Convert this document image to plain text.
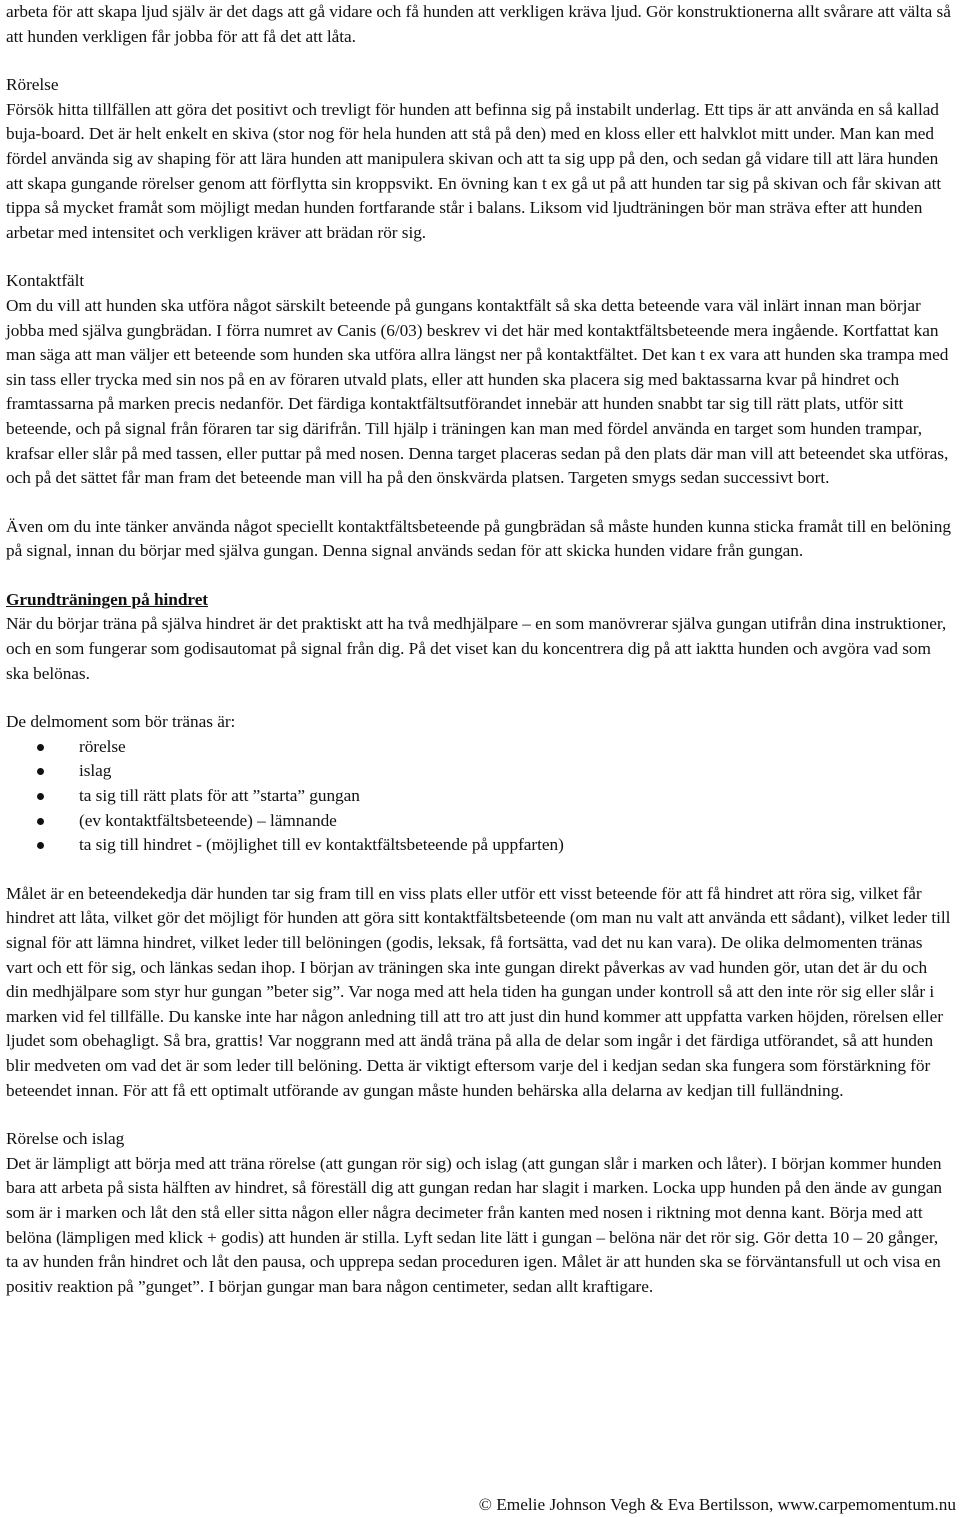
arbeta för att skapa ljud själv är det dags att gå vidare och få hunden att verkligen kräva ljud. Gör konstruktionerna allt svårare att välta så att hunden verkligen får jobba för att få det att låta.

Rörelse

Försök hitta tillfällen att göra det positivt och trevligt för hunden att befinna sig på instabilt underlag. Ett tips är att använda en så kallad buja-board. Det är helt enkelt en skiva (stor nog för hela hunden att stå på den) med en kloss eller ett halvklot mitt under. Man kan med fördel använda sig av shaping för att lära hunden att manipulera skivan och att ta sig upp på den, och sedan gå vidare till att lära hunden att skapa gungande rörelser genom att förflytta sin kroppsvikt. En övning kan t ex gå ut på att hunden tar sig på skivan och får skivan att tippa så mycket framåt som möjligt medan hunden fortfarande står i balans. Liksom vid ljudträningen bör man sträva efter att hunden arbetar med intensitet och verkligen kräver att brädan rör sig.

Kontaktfält

Om du vill att hunden ska utföra något särskilt beteende på gungans kontaktfält så ska detta beteende vara väl inlärt innan man börjar jobba med själva gungbrädan. I förra numret av Canis (6/03) beskrev vi det här med kontaktfältsbeteende mera ingående. Kortfattat kan man säga att man väljer ett beteende som hunden ska utföra allra längst ner på kontaktfältet. Det kan t ex vara att hunden ska trampa med sin tass eller trycka med sin nos på en av föraren utvald plats, eller att hunden ska placera sig med baktassarna kvar på hindret och framtassarna på marken precis nedanför. Det färdiga kontaktfältsutförandet innebär att hunden snabbt tar sig till rätt plats, utför sitt beteende, och på signal från föraren tar sig därifrån. Till hjälp i träningen kan man med fördel använda en target som hunden trampar, krafsar eller slår på med tassen, eller puttar på med nosen. Denna target placeras sedan på den plats där man vill att beteendet ska utföras, och på det sättet får man fram det beteende man vill ha på den önskvärda platsen. Targeten smygs sedan successivt bort.

Även om du inte tänker använda något speciellt kontaktfältsbeteende på gungbrädan så måste hunden kunna sticka framåt till en belöning på signal, innan du börjar med själva gungan. Denna signal används sedan för att skicka hunden vidare från gungan.

Grundträningen på hindret

När du börjar träna på själva hindret är det praktiskt att ha två medhjälpare – en som manövrerar själva gungan utifrån dina instruktioner, och en som fungerar som godisautomat på signal från dig. På det viset kan du koncentrera dig på att iaktta hunden och avgöra vad som ska belönas.

De delmoment som bör tränas är:

rörelse
islag
ta sig till rätt plats för att ”starta” gungan
(ev kontaktfältsbeteende) – lämnande
ta sig till hindret - (möjlighet till ev kontaktfältsbeteende på uppfarten)

Målet är en beteendekedja där hunden tar sig fram till en viss plats eller utför ett visst beteende för att få hindret att röra sig, vilket får hindret att låta, vilket gör det möjligt för hunden att göra sitt kontaktfältsbeteende (om man nu valt att använda ett sådant), vilket leder till signal för att lämna hindret, vilket leder till belöningen (godis, leksak, få fortsätta, vad det nu kan vara). De olika delmomenten tränas vart och ett för sig, och länkas sedan ihop. I början av träningen ska inte gungan direkt påverkas av vad hunden gör, utan det är du och din medhjälpare som styr hur gungan ”beter sig”. Var noga med att hela tiden ha gungan under kontroll så att den inte rör sig eller slår i marken vid fel tillfälle. Du kanske inte har någon anledning till att tro att just din hund kommer att uppfatta varken höjden, rörelsen eller ljudet som obehagligt. Så bra, grattis! Var noggrann med att ändå träna på alla de delar som ingår i det färdiga utförandet, så att hunden blir medveten om vad det är som leder till belöning. Detta är viktigt eftersom varje del i kedjan sedan ska fungera som förstärkning för beteendet innan. För att få ett optimalt utförande av gungan måste hunden behärska alla delarna av kedjan till fulländning.

Rörelse och islag

Det är lämpligt att börja med att träna rörelse (att gungan rör sig) och islag (att gungan slår i marken och låter). I början kommer hunden bara att arbeta på sista hälften av hindret, så föreställ dig att gungan redan har slagit i marken. Locka upp hunden på den ände av gungan som är i marken och låt den stå eller sitta någon eller några decimeter från kanten med nosen i riktning mot denna kant. Börja med att belöna (lämpligen med klick + godis) att hunden är stilla. Lyft sedan lite lätt i gungan – belöna när det rör sig. Gör detta 10 – 20 gånger, ta av hunden från hindret och låt den pausa, och upprepa sedan proceduren igen. Målet är att hunden ska se förväntansfull ut och visa en positiv reaktion på ”gunget”. I början gungar man bara någon centimeter, sedan allt kraftigare.

© Emelie Johnson Vegh & Eva Bertilsson, www.carpemomentum.nu
